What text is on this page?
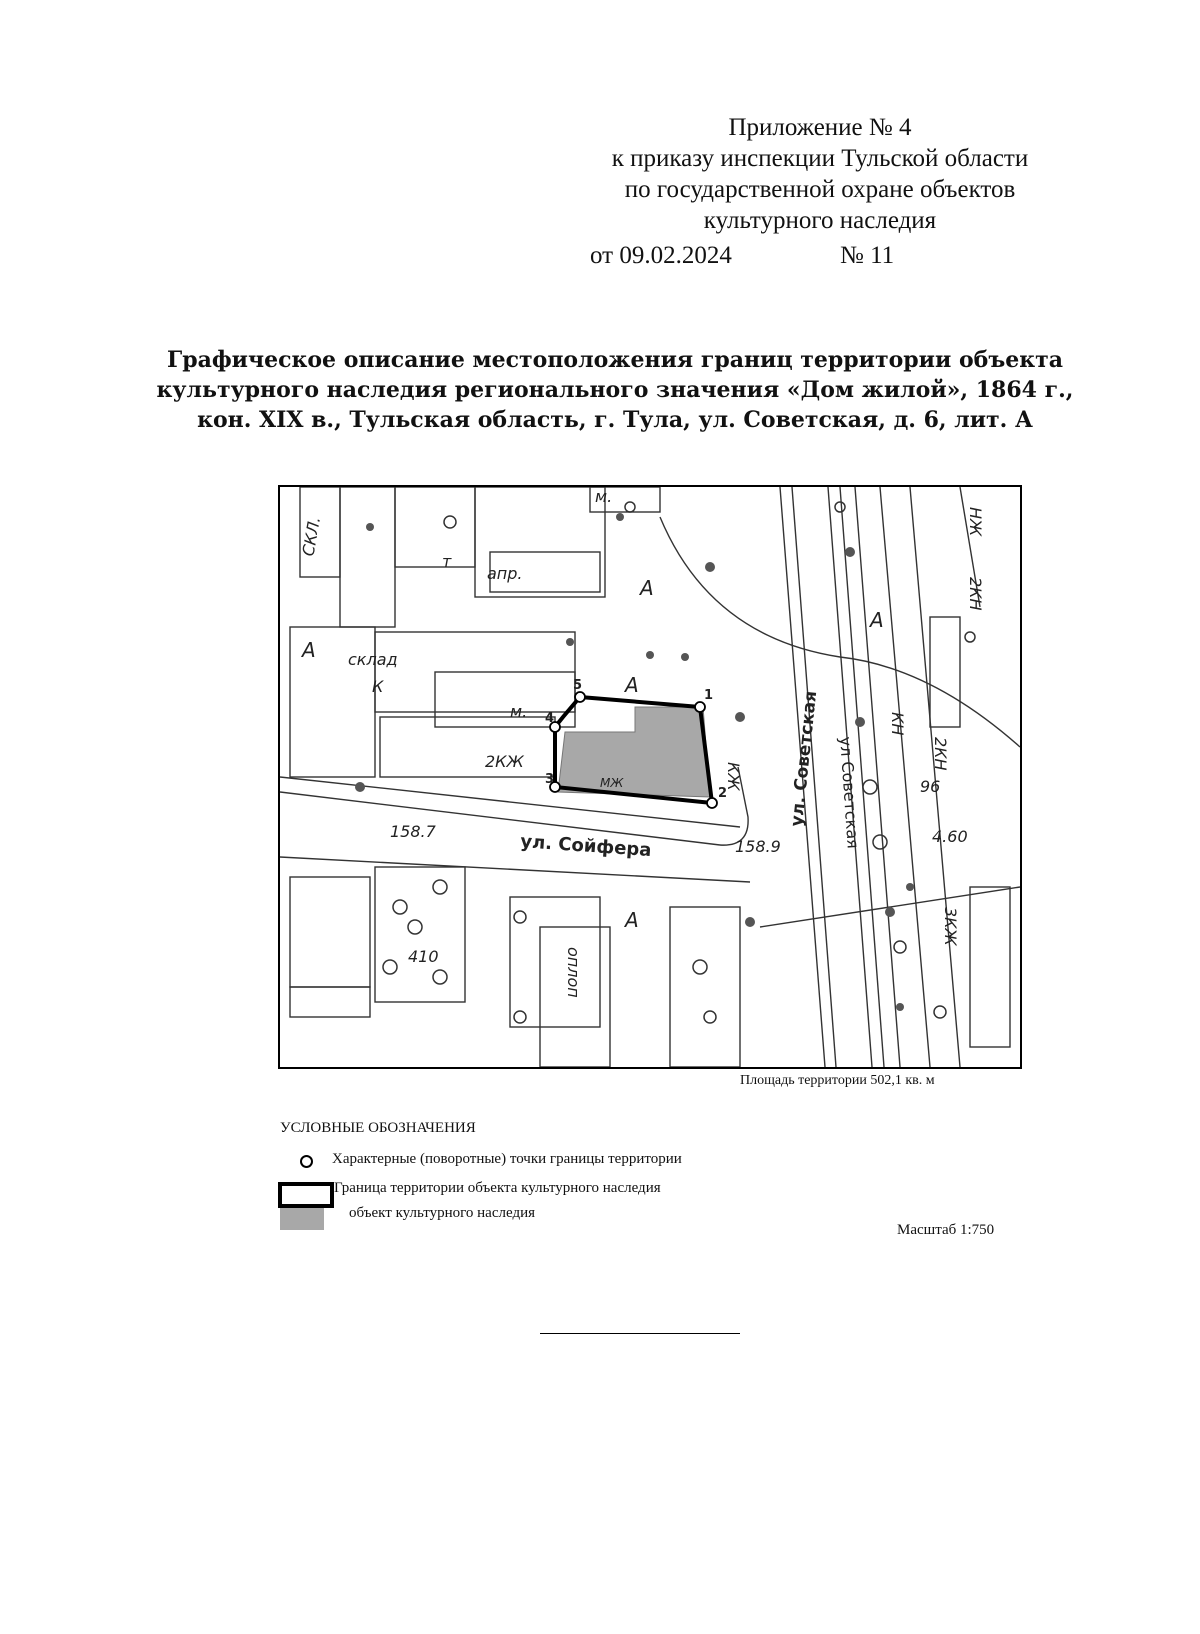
Приложение № 4
к приказу инспекции Тульской области
по государственной охране объектов
культурного наследия
от 09.02.2024	№ 11
Графическое описание местоположения границ территории объекта
культурного наследия регионального значения «Дом жилой», 1864 г.,
кон. XIX в., Тульская область, г. Тула, ул. Советская, д. 6, лит. А
1
2
3
4
5
ул. Советская ул Советская
ул. Сойфера
158.7
158.9
96
4.60
СКЛ.
склад
К
т
А
А
А
А
А
м.
м.
2КЖ
апр.
2КН
НЖ
2КН
КН
оплоп
410
3КЖ
МЖ	КЖ
Площадь территории 502,1 кв. м
УСЛОВНЫЕ ОБОЗНАЧЕНИЯ
Характерные (поворотные) точки границы территории
Граница территории объекта культурного наследия
объект культурного наследия
Масштаб 1:750
